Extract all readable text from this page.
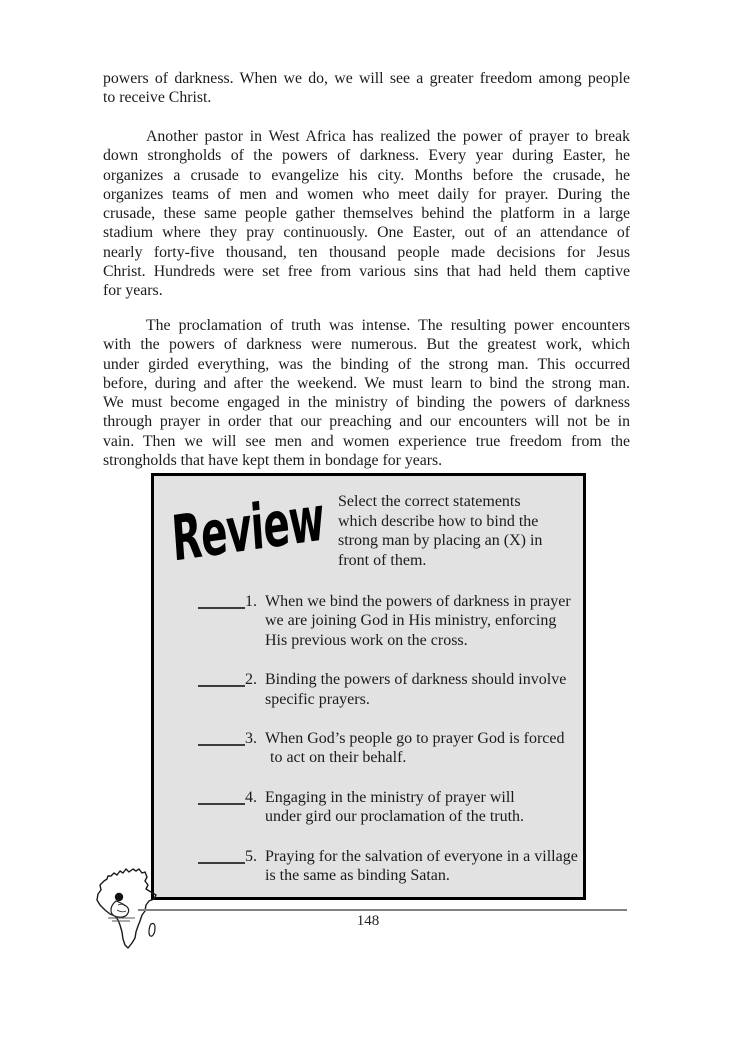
powers of darkness. When we do, we will see a greater freedom among people
to receive Christ.
Another pastor in West Africa has realized the power of prayer to break
down strongholds of the powers of darkness. Every year during Easter, he
organizes a crusade to evangelize his city. Months before the crusade, he
organizes teams of men and women who meet daily for prayer. During the
crusade, these same people gather themselves behind the platform in a large
stadium where they pray continuously. One Easter, out of an attendance of
nearly forty-five thousand, ten thousand people made decisions for Jesus
Christ. Hundreds were set free from various sins that had held them captive
for years.
The proclamation of truth was intense. The resulting power encounters
with the powers of darkness were numerous. But the greatest work, which
under girded everything, was the binding of the strong man. This occurred
before, during and after the weekend. We must learn to bind the strong man.
We must become engaged in the ministry of binding the powers of darkness
through prayer in order that our preaching and our encounters will not be in
vain. Then we will see men and women experience true freedom from the
strongholds that have kept them in bondage for years.
Review Select the correct statements
which describe how to bind the
strong man by placing an (X) in
front of them.
1. When we bind the powers of darkness in prayer
we are joining God in His ministry, enforcing
His previous work on the cross.
2. Binding the powers of darkness should involve
specific prayers.
3. When God’s people go to prayer God is forced
to act on their behalf.
4. Engaging in the ministry of prayer will
under gird our proclamation of the truth.
5. Praying for the salvation of everyone in a village
is the same as binding Satan.
148
